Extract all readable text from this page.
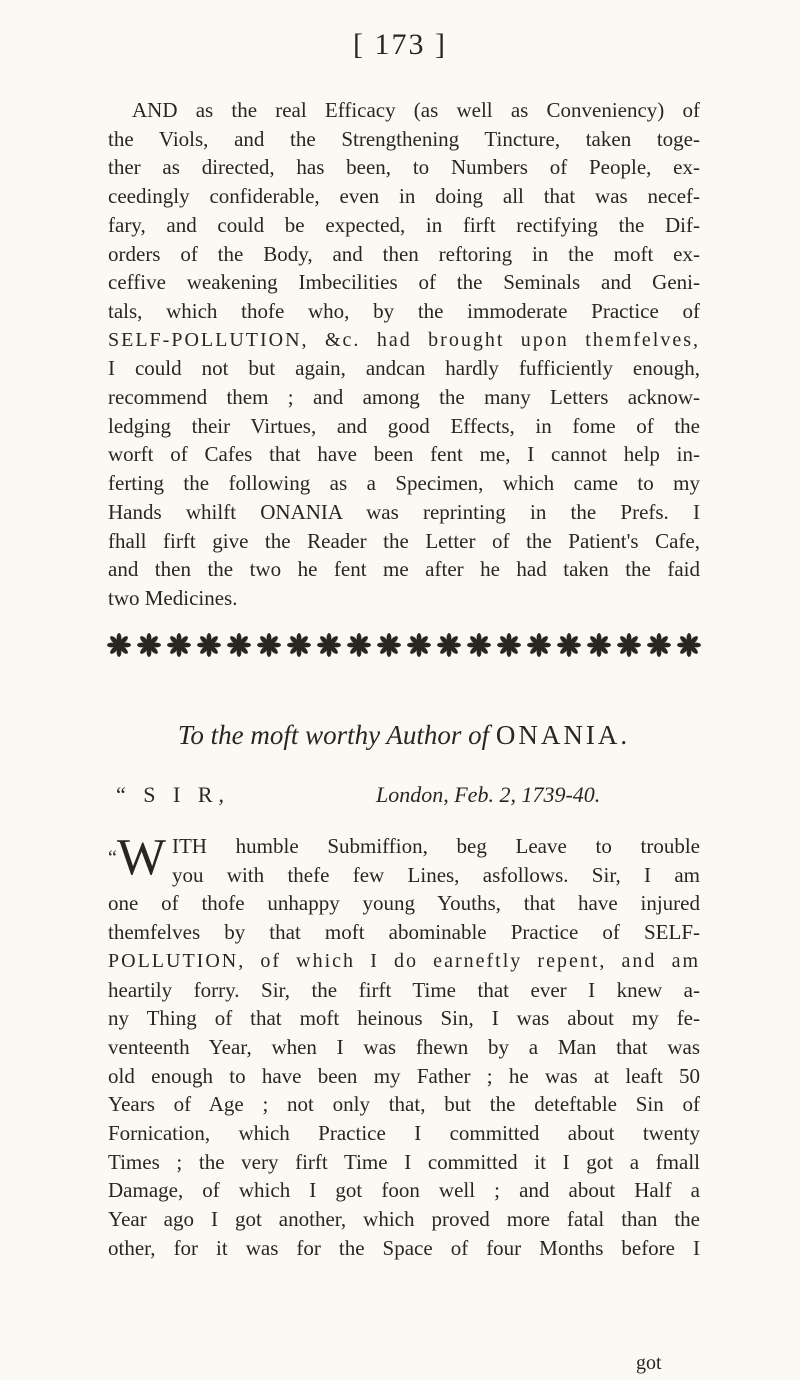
[ 173 ]
AND as the real Efficacy (as well as Conveniency) of
the Viols, and the Strengthening Tincture, taken toge-
ther as directed, has been, to Numbers of People, ex-
ceedingly confiderable, even in doing all that was necef-
fary, and could be expected, in firft rectifying the Dif-
orders of the Body, and then reftoring in the moft ex-
ceffive weakening Imbecilities of the Seminals and Geni-
tals, which thofe who, by the immoderate Practice of
SELF-POLLUTION, &c. had brought upon themfelves,
I could not but again, andcan hardly fufficiently enough,
recommend them ; and among the many Letters acknow-
ledging their Virtues, and good Effects, in fome of the
worft of Cafes that have been fent me, I cannot help in-
ferting the following as a Specimen, which came to my
Hands whilft ONANIA was reprinting in the Prefs. I
fhall firft give the Reader the Letter of the Patient's Cafe,
and then the two he fent me after he had taken the faid
two Medicines.
To the moft worthy Author of ONANIA.
“ S I R,	London, Feb. 2, 1739-40.
“W ITH humble Submiffion, beg Leave to trouble
you with thefe few Lines, asfollows. Sir, I am
one of thofe unhappy young Youths, that have injured
themfelves by that moft abominable Practice of SELF-
POLLUTION, of which I do earneftly repent, and am
heartily forry. Sir, the firft Time that ever I knew a-
ny Thing of that moft heinous Sin, I was about my fe-
venteenth Year, when I was fhewn by a Man that was
old enough to have been my Father ; he was at leaft 50
Years of Age ; not only that, but the deteftable Sin of
Fornication, which Practice I committed about twenty
Times ; the very firft Time I committed it I got a fmall
Damage, of which I got foon well ; and about Half a
Year ago I got another, which proved more fatal than the
other, for it was for the Space of four Months before I
got
